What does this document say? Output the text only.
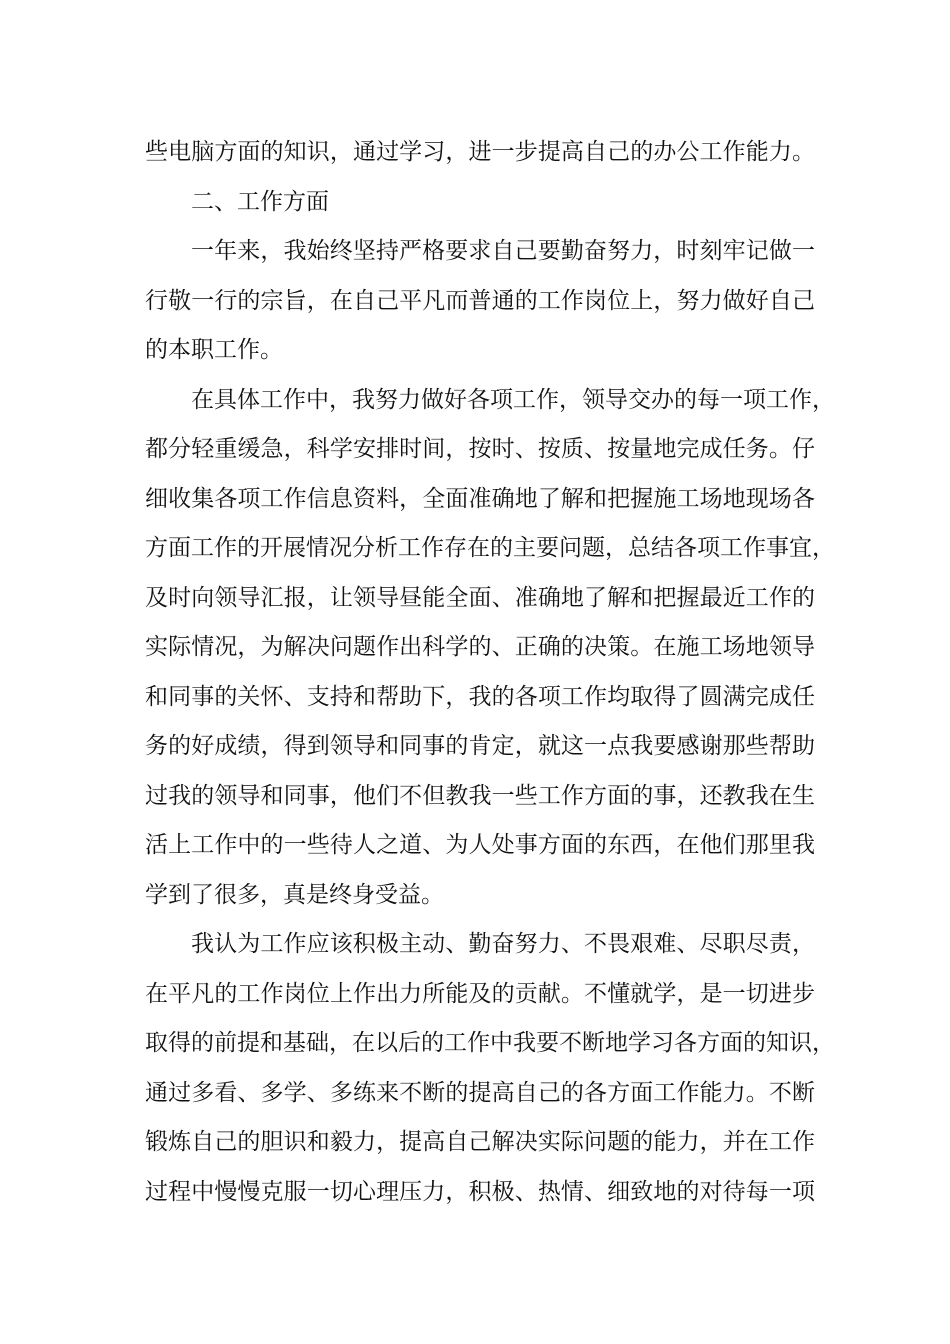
些电脑方面的知识，通过学习，进一步提高自己的办公工作能力。
二、工作方面
一年来，我始终坚持严格要求自己要勤奋努力，时刻牢记做一
行敬一行的宗旨，在自己平凡而普通的工作岗位上，努力做好自己
的本职工作。
在具体工作中，我努力做好各项工作，领导交办的每一项工作，
都分轻重缓急，科学安排时间，按时、按质、按量地完成任务。仔
细收集各项工作信息资料，全面准确地了解和把握施工场地现场各
方面工作的开展情况分析工作存在的主要问题，总结各项工作事宜，
及时向领导汇报，让领导昼能全面、准确地了解和把握最近工作的
实际情况，为解决问题作出科学的、正确的决策。在施工场地领导
和同事的关怀、支持和帮助下，我的各项工作均取得了圆满完成任
务的好成绩，得到领导和同事的肯定，就这一点我要感谢那些帮助
过我的领导和同事，他们不但教我一些工作方面的事，还教我在生
活上工作中的一些待人之道、为人处事方面的东西，在他们那里我
学到了很多，真是终身受益。
我认为工作应该积极主动、勤奋努力、不畏艰难、尽职尽责，
在平凡的工作岗位上作出力所能及的贡献。不懂就学，是一切进步
取得的前提和基础，在以后的工作中我要不断地学习各方面的知识，
通过多看、多学、多练来不断的提高自己的各方面工作能力。不断
锻炼自己的胆识和毅力，提高自己解决实际问题的能力，并在工作
过程中慢慢克服一切心理压力，积极、热情、细致地的对待每一项
